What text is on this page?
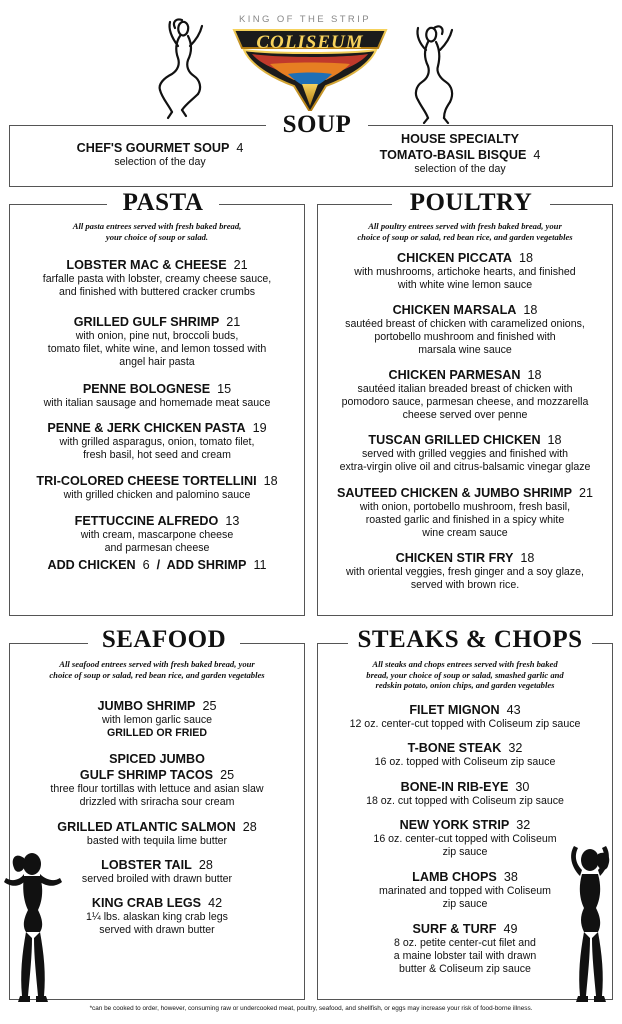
KING OF THE STRIP
COLISEUM
SOUP
CHEF'S GOURMET SOUP 4
selection of the day
HOUSE SPECIALTY
TOMATO-BASIL BISQUE 4
selection of the day
PASTA
All pasta entrees served with fresh baked bread,
your choice of soup or salad.
LOBSTER MAC & CHEESE 21
farfalle pasta with lobster, creamy cheese sauce,
and finished with buttered cracker crumbs
GRILLED GULF SHRIMP 21
with onion, pine nut, broccoli buds,
tomato filet, white wine, and lemon tossed with
angel hair pasta
PENNE BOLOGNESE 15
with italian sausage and homemade meat sauce
PENNE & JERK CHICKEN PASTA 19
with grilled asparagus, onion, tomato filet,
fresh basil, hot seed and cream
TRI-COLORED CHEESE TORTELLINI 18
with grilled chicken and palomino sauce
FETTUCCINE ALFREDO 13
with cream, mascarpone cheese
and parmesan cheese
ADD CHICKEN 6 / ADD SHRIMP 11
POULTRY
All poultry entrees served with fresh baked bread, your
choice of soup or salad, red bean rice, and garden vegetables
CHICKEN PICCATA 18
with mushrooms, artichoke hearts, and finished
with white wine lemon sauce
CHICKEN MARSALA 18
sautéed breast of chicken with caramelized onions,
portobello mushroom and finished with
marsala wine sauce
CHICKEN PARMESAN 18
sautéed italian breaded breast of chicken with
pomodoro sauce, parmesan cheese, and mozzarella
cheese served over penne
TUSCAN GRILLED CHICKEN 18
served with grilled veggies and finished with
extra-virgin olive oil and citrus-balsamic vinegar glaze
SAUTEED CHICKEN & JUMBO SHRIMP 21
with onion, portobello mushroom, fresh basil,
roasted garlic and finished in a spicy white
wine cream sauce
CHICKEN STIR FRY 18
with oriental veggies, fresh ginger and a soy glaze,
served with brown rice.
SEAFOOD
All seafood entrees served with fresh baked bread, your
choice of soup or salad, red bean rice, and garden vegetables
JUMBO SHRIMP 25
with lemon garlic sauce
GRILLED OR FRIED
SPICED JUMBO
GULF SHRIMP TACOS 25
three flour tortillas with lettuce and asian slaw
drizzled with sriracha sour cream
GRILLED ATLANTIC SALMON 28
basted with tequila lime butter
LOBSTER TAIL 28
served broiled with drawn butter
KING CRAB LEGS 42
1¼ lbs. alaskan king crab legs
served with drawn butter
STEAKS & CHOPS
All steaks and chops entrees served with fresh baked
bread, your choice of soup or salad, smashed garlic and
redskin potato, onion chips, and garden vegetables
FILET MIGNON 43
12 oz. center-cut topped with Coliseum zip sauce
T-BONE STEAK 32
16 oz. topped with Coliseum zip sauce
BONE-IN RIB-EYE 30
18 oz. cut topped with Coliseum zip sauce
NEW YORK STRIP 32
16 oz. center-cut topped with Coliseum
zip sauce
LAMB CHOPS 38
marinated and topped with Coliseum
zip sauce
SURF & TURF 49
8 oz. petite center-cut filet and
a maine lobster tail with drawn
butter & Coliseum zip sauce
*can be cooked to order, however, consuming raw or undercooked meat, poultry, seafood, and shellfish, or eggs may increase your risk of food-borne illness.
